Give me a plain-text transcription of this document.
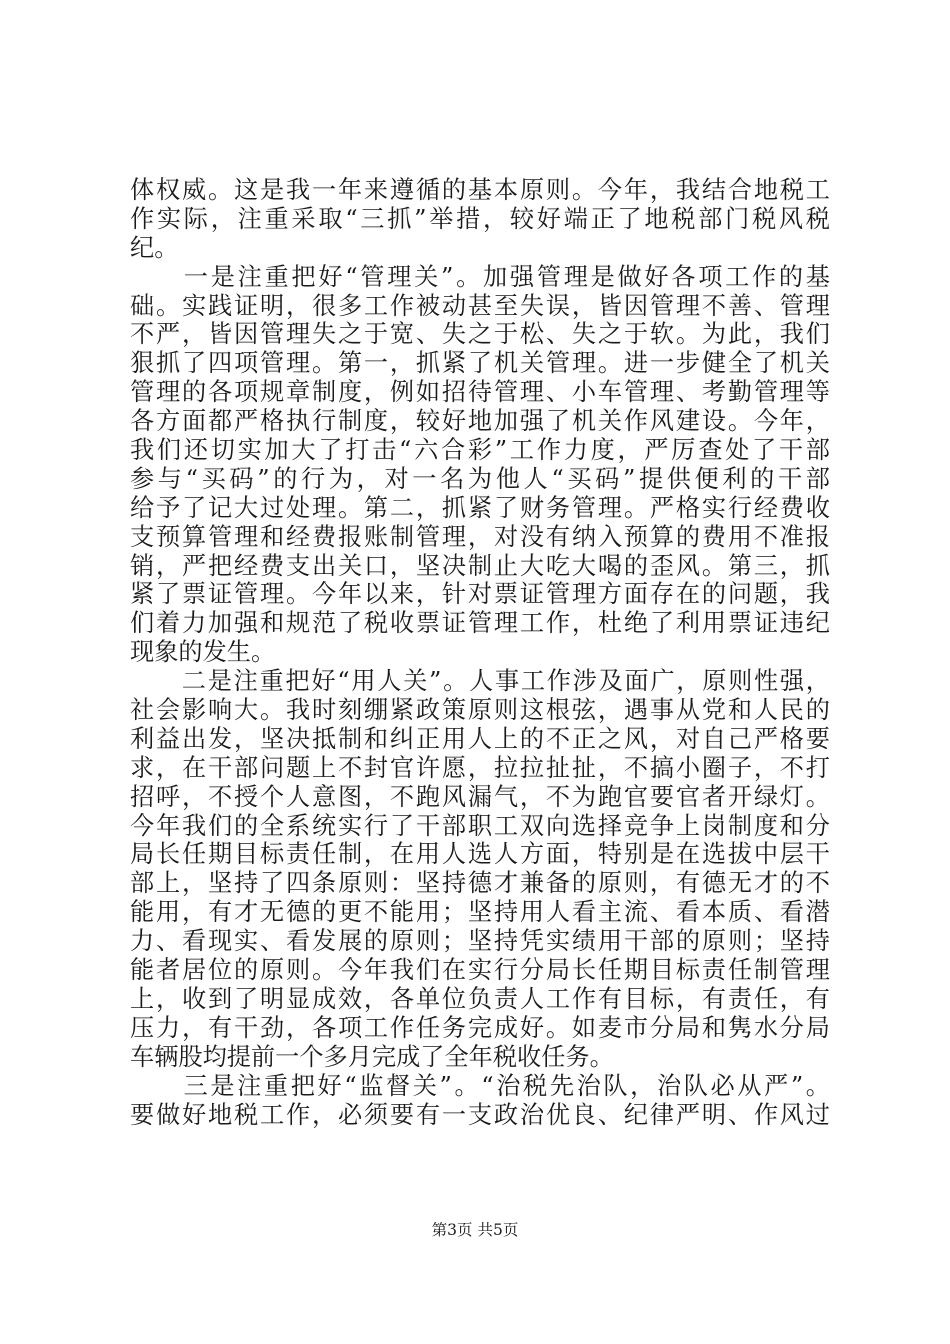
体权威。这是我一年来遵循的基本原则。今年，我结合地税工
作实际，注重采取“三抓”举措，较好端正了地税部门税风税
纪。
　　一是注重把好“管理关”。加强管理是做好各项工作的基
础。实践证明，很多工作被动甚至失误，皆因管理不善、管理
不严，皆因管理失之于宽、失之于松、失之于软。为此，我们
狠抓了四项管理。第一，抓紧了机关管理。进一步健全了机关
管理的各项规章制度，例如招待管理、小车管理、考勤管理等
各方面都严格执行制度，较好地加强了机关作风建设。今年，
我们还切实加大了打击“六合彩”工作力度，严厉查处了干部
参与“买码”的行为，对一名为他人“买码”提供便利的干部
给予了记大过处理。第二，抓紧了财务管理。严格实行经费收
支预算管理和经费报账制管理，对没有纳入预算的费用不准报
销，严把经费支出关口，坚决制止大吃大喝的歪风。第三，抓
紧了票证管理。今年以来，针对票证管理方面存在的问题，我
们着力加强和规范了税收票证管理工作，杜绝了利用票证违纪
现象的发生。
　　二是注重把好“用人关”。人事工作涉及面广，原则性强，
社会影响大。我时刻绷紧政策原则这根弦，遇事从党和人民的
利益出发，坚决抵制和纠正用人上的不正之风，对自己严格要
求，在干部问题上不封官许愿，拉拉扯扯，不搞小圈子，不打
招呼，不授个人意图，不跑风漏气，不为跑官要官者开绿灯。
今年我们的全系统实行了干部职工双向选择竞争上岗制度和分
局长任期目标责任制，在用人选人方面，特别是在选拔中层干
部上，坚持了四条原则：坚持德才兼备的原则，有德无才的不
能用，有才无德的更不能用；坚持用人看主流、看本质、看潜
力、看现实、看发展的原则；坚持凭实绩用干部的原则；坚持
能者居位的原则。今年我们在实行分局长任期目标责任制管理
上，收到了明显成效，各单位负责人工作有目标，有责任，有
压力，有干劲，各项工作任务完成好。如麦市分局和隽水分局
车辆股均提前一个多月完成了全年税收任务。
　　三是注重把好“监督关”。“治税先治队，治队必从严”。
要做好地税工作，必须要有一支政治优良、纪律严明、作风过
第3页 共5页
